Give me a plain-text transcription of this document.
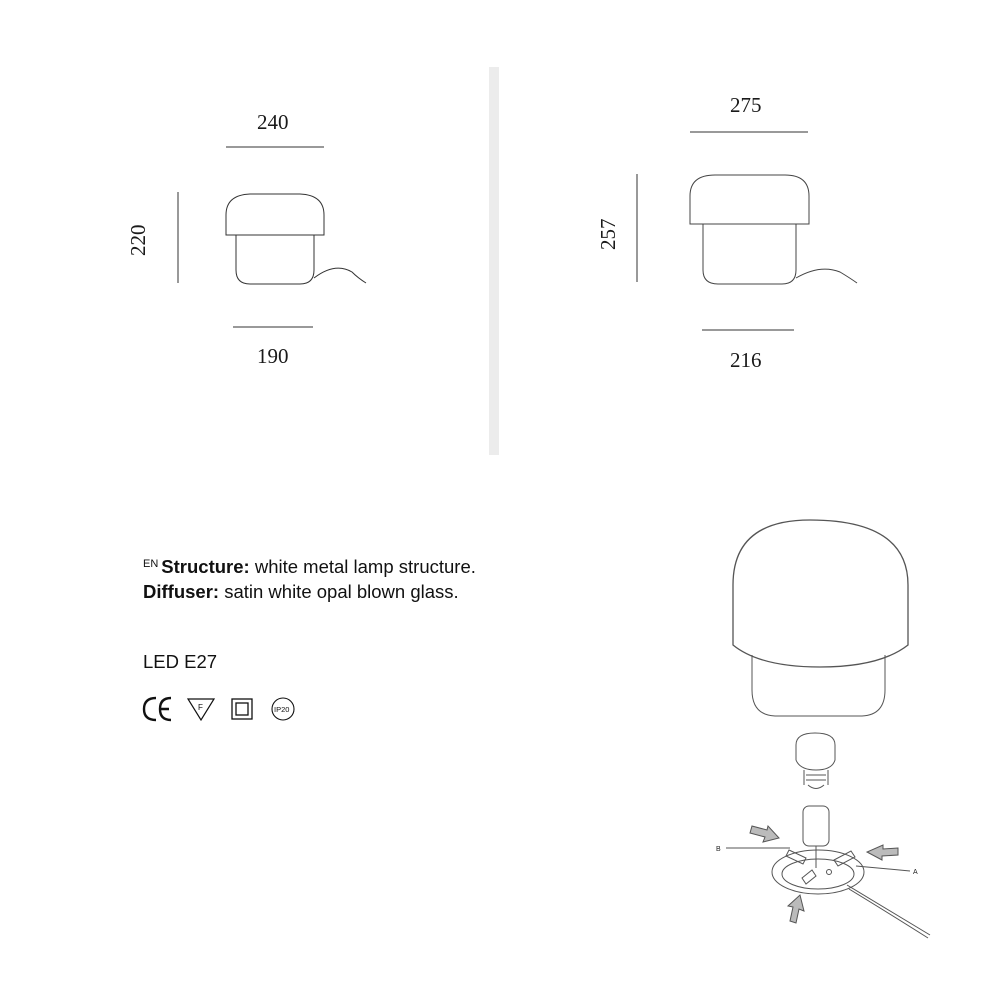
240
220
190
275
257
216
B
A
$^{EN}$ Structure: white metal lamp structure. Diffuser: satin white opal blown glass.
LED E27
F	IP20
